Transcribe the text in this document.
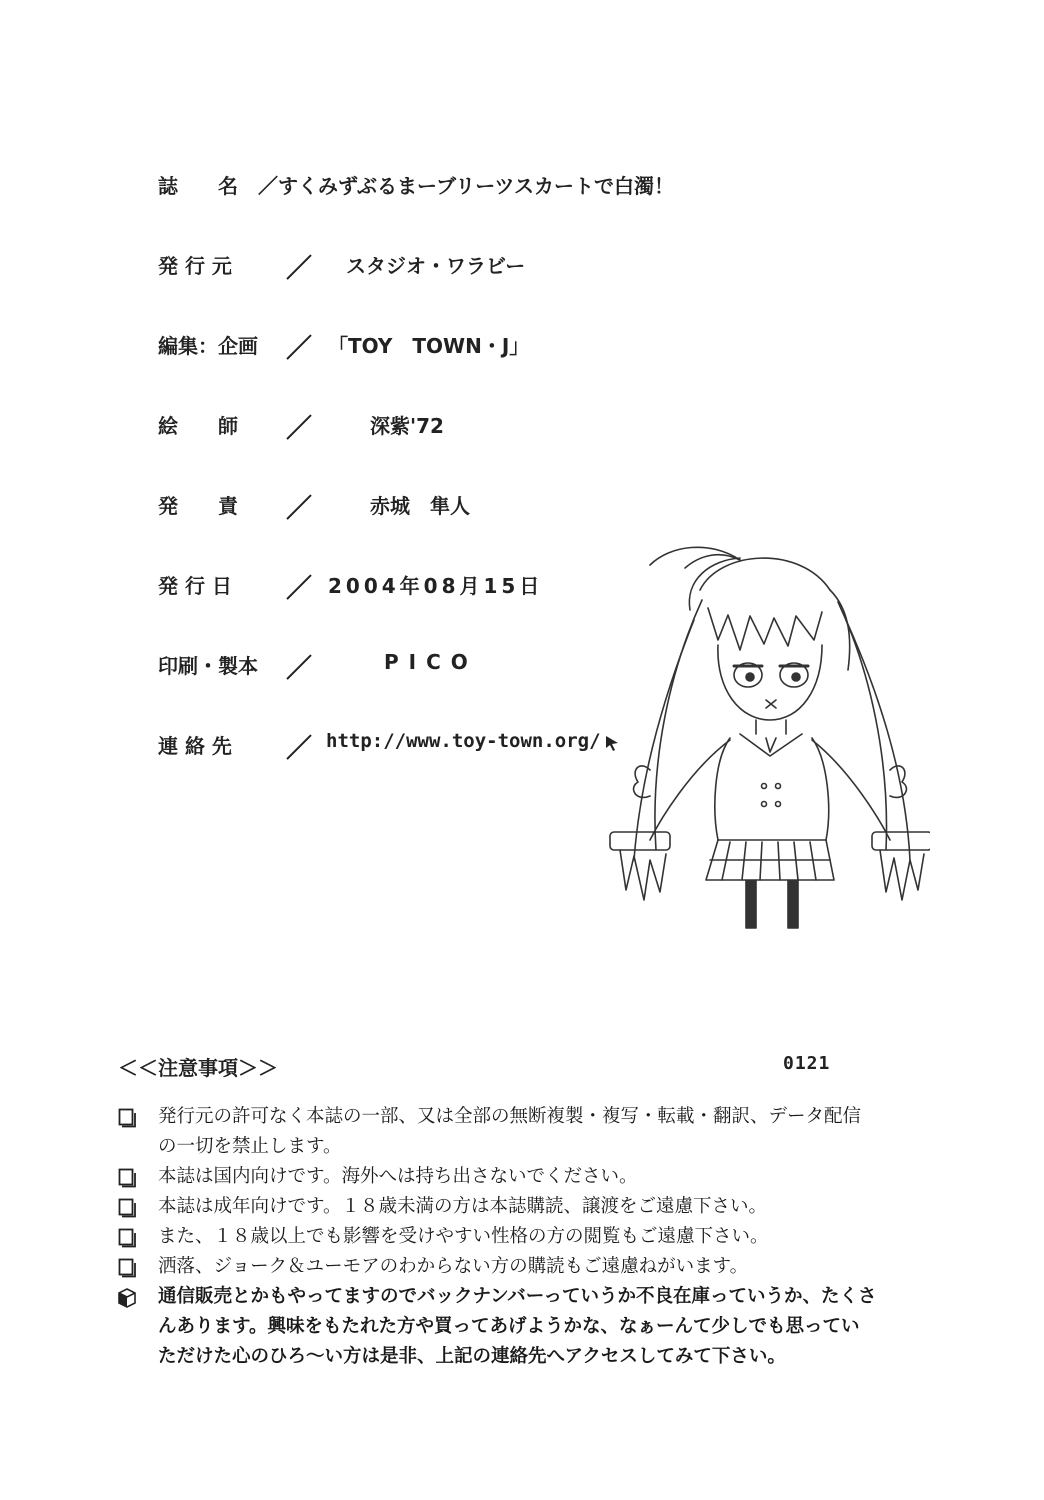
誌　　名 ／すくみずぶるまーブリーツスカートで白濁！
発 行 元 ／ スタジオ・ワラビー
編集：企画 ／ 「TOY　TOWN・J」
絵　　師 ／	深紫'72
発　　責 ／	赤城　隼人
発 行 日 ／ 2004年08月15日
印刷・製本 ／	PICO
連 絡 先 ／ http://www.toy-town.org/
＜＜注意事項＞＞	0121
発行元の許可なく本誌の一部、又は全部の無断複製・複写・転載・翻訳、データ配信の一切を禁止します。
本誌は国内向けです。海外へは持ち出さないでください。
本誌は成年向けです。１８歳未満の方は本誌購読、譲渡をご遠慮下さい。
また、１８歳以上でも影響を受けやすい性格の方の閲覧もご遠慮下さい。
洒落、ジョーク＆ユーモアのわからない方の購読もご遠慮ねがいます。
通信販売とかもやってますのでバックナンバーっていうか不良在庫っていうか、たくさんあります。興味をもたれた方や買ってあげようかな、なぁーんて少しでも思っていただけた心のひろ〜い方は是非、上記の連絡先へアクセスしてみて下さい。
